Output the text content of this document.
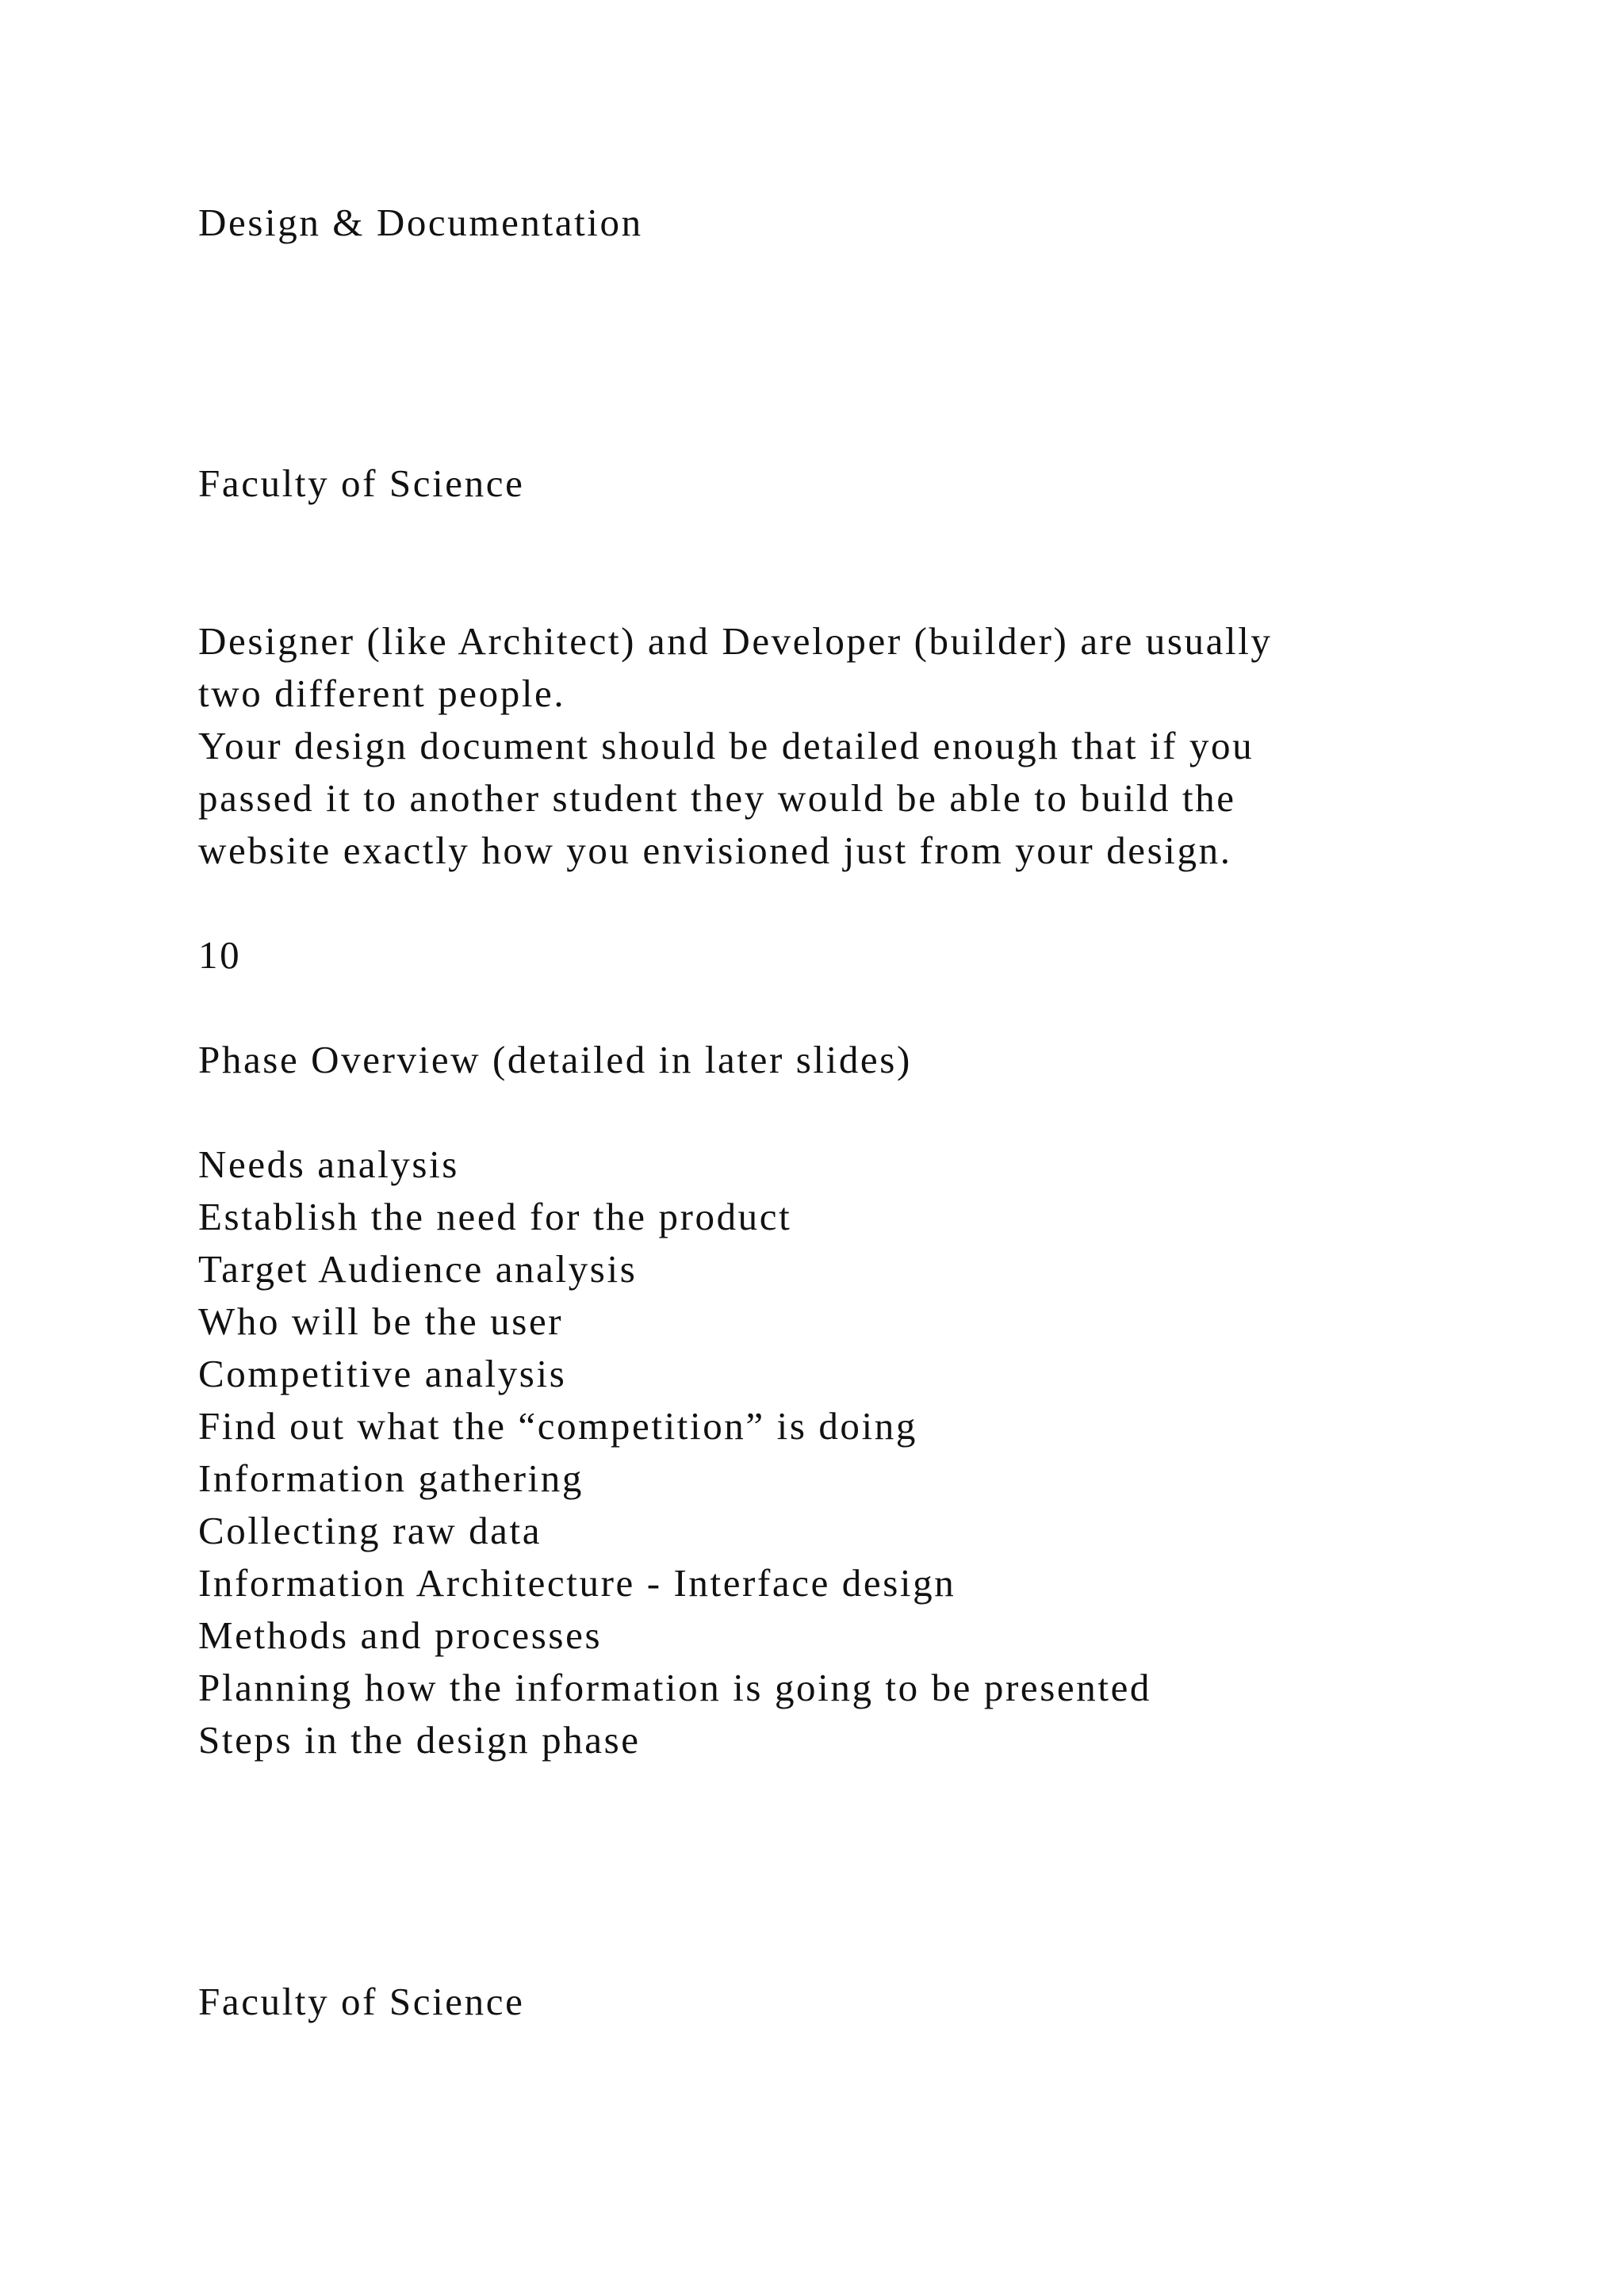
Design & Documentation
Faculty of Science
Designer (like Architect) and Developer (builder) are usually
two different people.
Your design document should be detailed enough that if you
passed it to another student they would be able to build the
website exactly how you envisioned just from your design.
10
Phase Overview (detailed in later slides)
Needs analysis
Establish the need for the product
Target Audience analysis
Who will be the user
Competitive analysis
Find out what the “competition” is doing
Information gathering
Collecting raw data
Information Architecture - Interface design
Methods and processes
Planning how the information is going to be presented
Steps in the design phase
Faculty of Science
